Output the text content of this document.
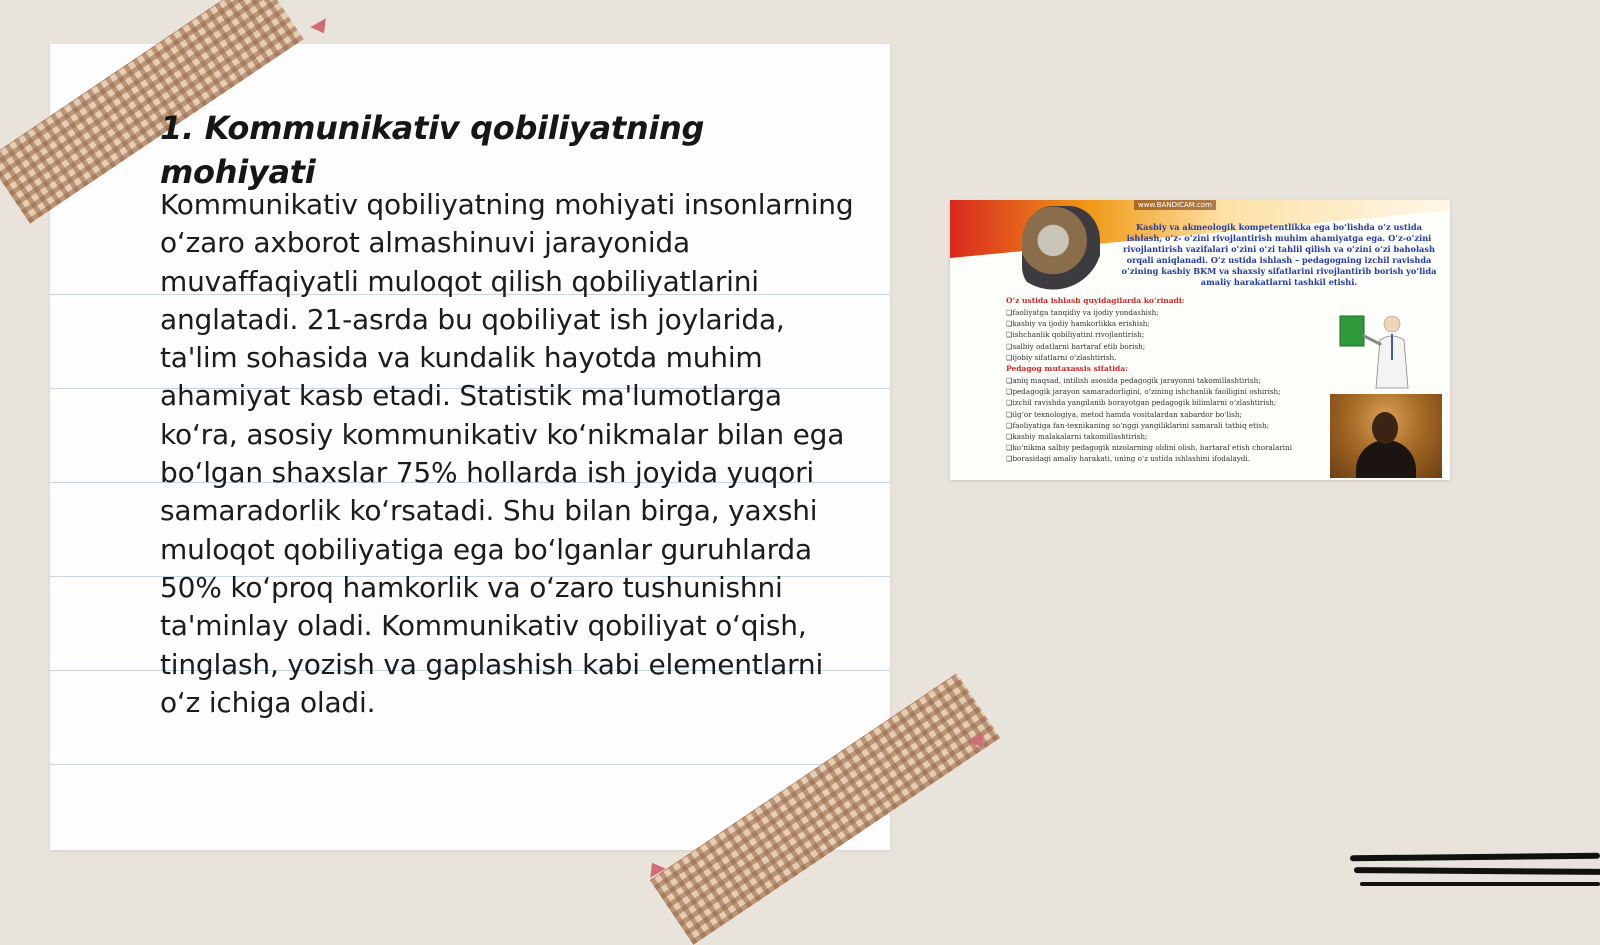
1. Kommunikativ qobiliyatning mohiyati

Kommunikativ qobiliyatning mohiyati insonlarning o‘zaro axborot almashinuvi jarayonida muvaffaqiyatli muloqot qilish qobiliyatlarini anglatadi. 21-asrda bu qobiliyat ish joylarida, ta'lim sohasida va kundalik hayotda muhim ahamiyat kasb etadi. Statistik ma'lumotlarga ko‘ra, asosiy kommunikativ ko‘nikmalar bilan ega bo‘lgan shaxslar 75% hollarda ish joyida yuqori samaradorlik ko‘rsatadi. Shu bilan birga, yaxshi muloqot qobiliyatiga ega bo‘lganlar guruhlarda 50% ko‘proq hamkorlik va o‘zaro tushunishni ta'minlay oladi. Kommunikativ qobiliyat o‘qish, tinglash, yozish va gaplashish kabi elementlarni o‘z ichiga oladi.

www.BANDICAM.com

Kasbiy va akmeologik kompetentlikka ega bo‘lishda o‘z ustida ishlash, o‘z- o‘zini rivojlantirish muhim ahamiyatga ega. O‘z-o‘zini rivojlantirish vazifalari o‘zini o‘zi tahlil qilish va o‘zini o‘zi baholash orqali aniqlanadi. O‘z ustida ishlash – pedagogning izchil ravishda o‘zining kasbiy BKM va shaxsiy sifatlarini rivojlantirib borish yo‘lida amaliy harakatlarni tashkil etishi.

O‘z ustida ishlash quyidagilarda ko‘rinadi:

❑ faoliyatga tanqidiy va ijodiy yondashish;
❑ kasbiy va ijodiy hamkorlikka erishish;
❑ ishchanlik qobiliyatini rivojlantirish;
❑ salbiy odatlarni bartaraf etib borish;
❑ ijobiy sifatlarni o‘zlashtirish.

Pedagog mutaxassis sifatida:

❑ aniq maqsad, intilish asosida pedagogik jarayonni takomillashtirish;
❑ pedagogik jarayon samaradorligini, o‘zining ishchanlik faolligini oshirish;
❑ izchil ravishda yangilanib borayotgan pedagogik bilimlarni o‘zlashtirish;
❑ ilg‘or texnologiya, metod hamda vositalardan xabardor bo‘lish;
❑ faoliyatiga fan-texnikaning so‘nggi yangiliklarini samarali tatbiq etish;
❑ kasbiy malakalarni takomillashtirish;
❑ ko‘nikma salbiy pedagogik nizolarning oldini olish, bartaraf etish choralarini
❑ borasidagi amaliy harakati, uning o‘z ustida ishlashini ifodalaydi.
